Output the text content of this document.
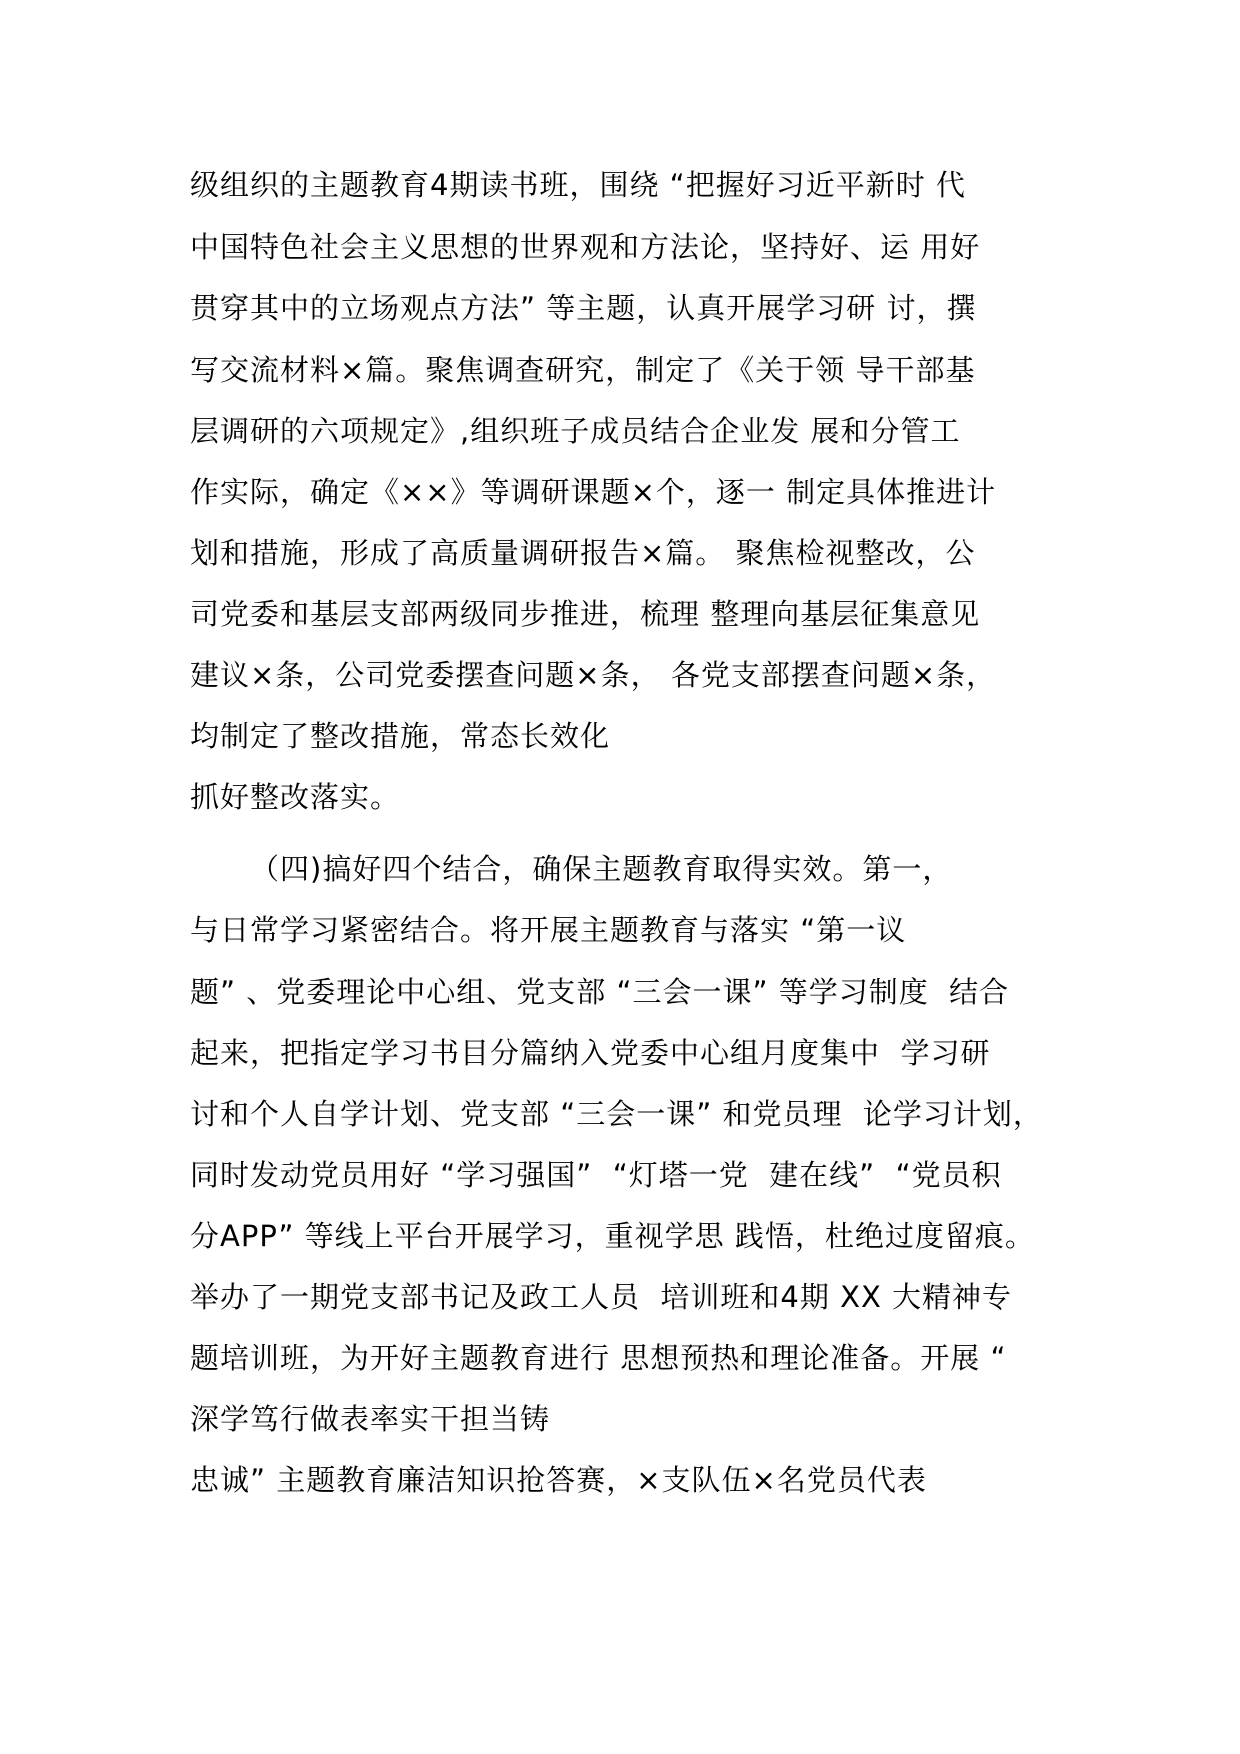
级组织的主题教育4期读书班，围绕 “把握好习近平新时 代
中国特色社会主义思想的世界观和方法论，坚持好、运 用好
贯穿其中的立场观点方法” 等主题，认真开展学习研 讨，撰
写交流材料×篇。聚焦调查研究，制定了《关于领 导干部基
层调研的六项规定》,组织班子成员结合企业发 展和分管工
作实际，确定《××》等调研课题×个，逐一 制定具体推进计
划和措施，形成了高质量调研报告×篇。 聚焦检视整改，公
司党委和基层支部两级同步推进，梳理 整理向基层征集意见
建议×条，公司党委摆查问题×条， 各党支部摆查问题×条，
均制定了整改措施，常态长效化
抓好整改落实。
（四)搞好四个结合，确保主题教育取得实效。第一，
与日常学习紧密结合。将开展主题教育与落实 “第一议
题” 、党委理论中心组、党支部 “三会一课” 等学习制度  结合
起来，把指定学习书目分篇纳入党委中心组月度集中  学习研
讨和个人自学计划、党支部 “三会一课” 和党员理  论学习计划，
同时发动党员用好 “学习强国”  “灯塔一党  建在线”  “党员积
分APP” 等线上平台开展学习，重视学思 践悟，杜绝过度留痕。
举办了一期党支部书记及政工人员  培训班和4期 XX 大精神专
题培训班，为开好主题教育进行 思想预热和理论准备。开展 “
深学笃行做表率实干担当铸
忠诚” 主题教育廉洁知识抢答赛，×支队伍×名党员代表
